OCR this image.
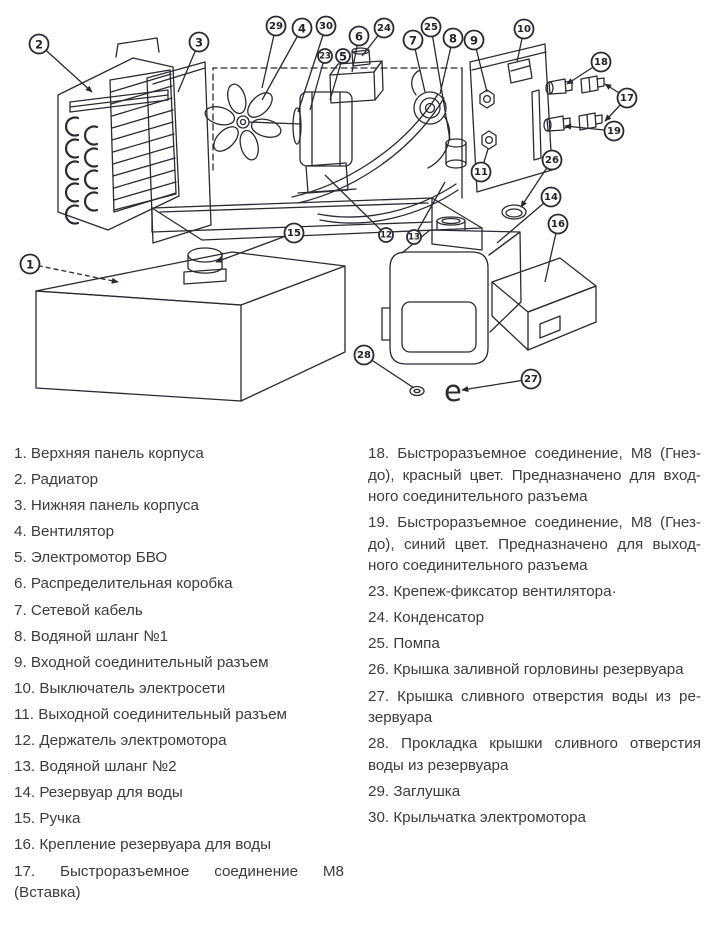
e
1
2	3
29 4 30
23 5
6
24
7
25
8 9
10
18
17
19
11
26
14
16
15	12 13
28
27
1. Верхняя панель корпуса
2. Радиатор
3. Нижняя панель корпуса
4. Вентилятор
5. Электромотор БВО
6. Распределительная коробка
7. Сетевой кабель
8. Водяной шланг №1
9. Входной соединительный разъем
10. Выключатель электросети
11. Выходной соединительный разъем
12. Держатель электромотора
13. Водяной шланг №2
14. Резервуар для воды
15. Ручка
16. Крепление резервуара для воды
17. Быстроразъемное соединение М8
(Вставка)
18. Быстроразъемное соединение, М8 (Гнез-
до), красный цвет. Предназначено для вход-
ного соединительного разъема
19. Быстроразъемное соединение, М8 (Гнез-
до), синий цвет. Предназначено для выход-
ного соединительного разъема
23. Крепеж-фиксатор вентилятора·
24. Конденсатор
25. Помпа
26. Крышка заливной горловины резервуара
27. Крышка сливного отверстия воды из ре-
зервуара
28. Прокладка крышки сливного отверстия
воды из резервуара
29. Заглушка
30. Крыльчатка электромотора
